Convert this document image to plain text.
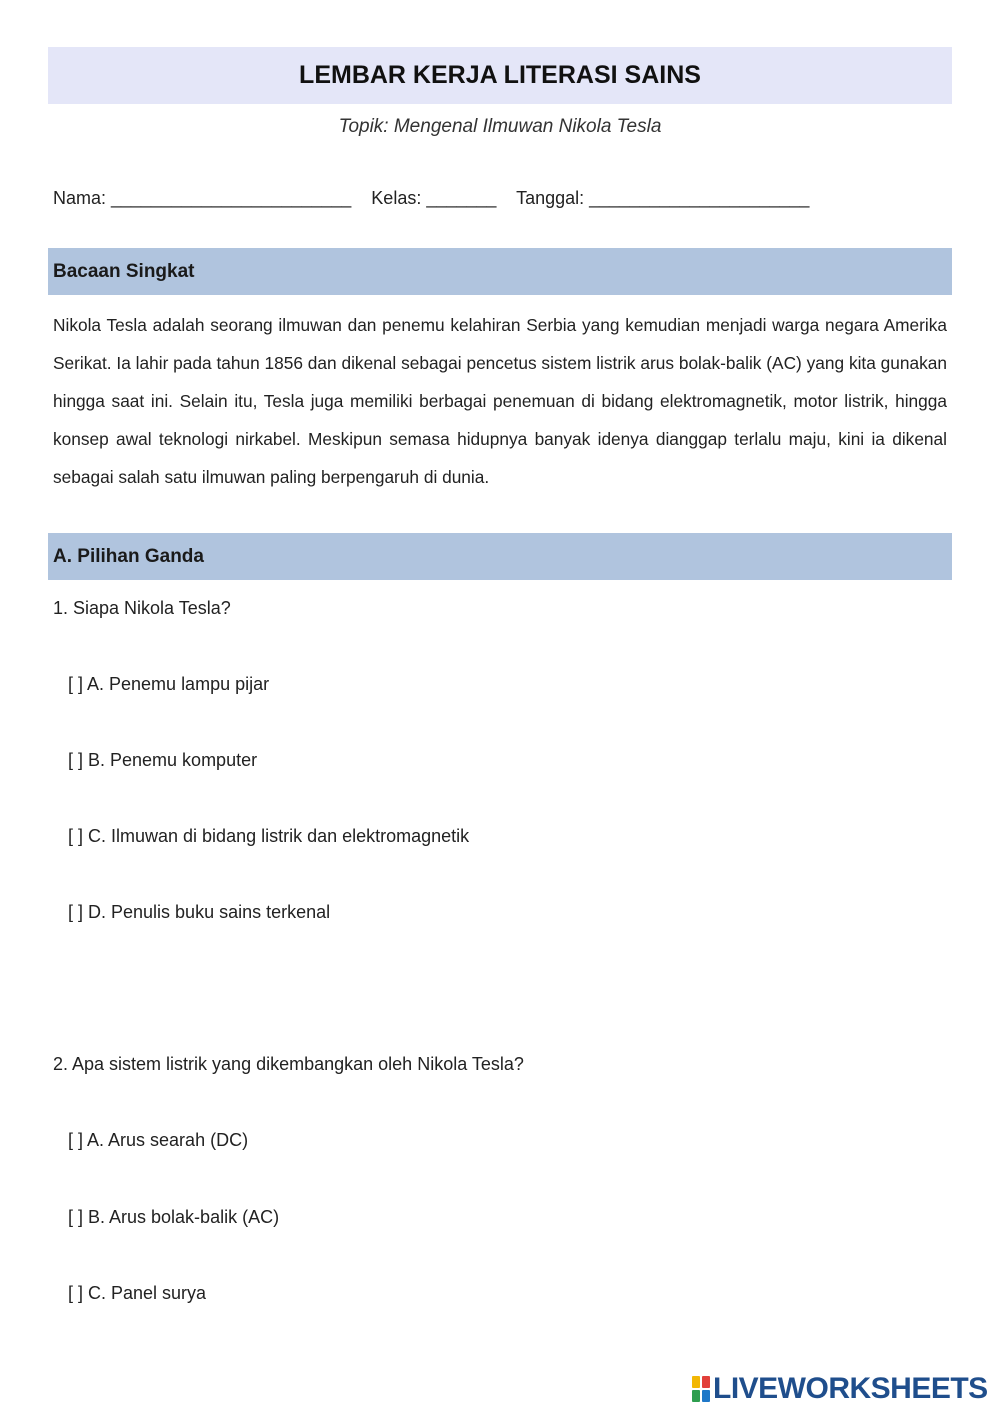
LEMBAR KERJA LITERASI SAINS
Topik: Mengenal Ilmuwan Nikola Tesla
Nama: ________________________ Kelas: _______ Tanggal: ______________________
Bacaan Singkat
Nikola Tesla adalah seorang ilmuwan dan penemu kelahiran Serbia yang kemudian menjadi warga negara Amerika Serikat. Ia lahir pada tahun 1856 dan dikenal sebagai pencetus sistem listrik arus bolak-balik (AC) yang kita gunakan hingga saat ini. Selain itu, Tesla juga memiliki berbagai penemuan di bidang elektromagnetik, motor listrik, hingga konsep awal teknologi nirkabel. Meskipun semasa hidupnya banyak idenya dianggap terlalu maju, kini ia dikenal sebagai salah satu ilmuwan paling berpengaruh di dunia.
A. Pilihan Ganda
1. Siapa Nikola Tesla?
[ ] A. Penemu lampu pijar
[ ] B. Penemu komputer
[ ] C. Ilmuwan di bidang listrik dan elektromagnetik
[ ] D. Penulis buku sains terkenal
2. Apa sistem listrik yang dikembangkan oleh Nikola Tesla?
[ ] A. Arus searah (DC)
[ ] B. Arus bolak-balik (AC)
[ ] C. Panel surya
LIVEWORKSHEETS
